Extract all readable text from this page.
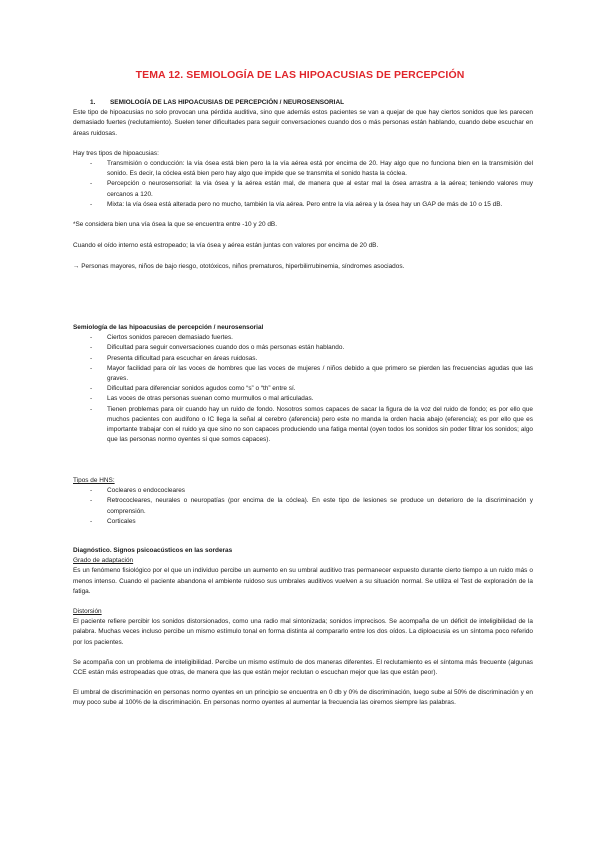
TEMA 12. SEMIOLOGÍA DE LAS HIPOACUSIAS DE PERCEPCIÓN
1. SEMIOLOGÍA DE LAS HIPOACUSIAS DE PERCEPCIÓN / NEUROSENSORIAL

Este tipo de hipoacusias no solo provocan una pérdida auditiva, sino que además estos pacientes se van a quejar de que hay ciertos sonidos que les parecen demasiado fuertes (reclutamiento). Suelen tener dificultades para seguir conversaciones cuando dos o más personas están hablando, cuando debe escuchar en áreas ruidosas.

Hay tres tipos de hipoacusias:

- Transmisión o conducción: la vía ósea está bien pero la la vía aérea está por encima de 20. Hay algo que no funciona bien en la transmisión del sonido. Es decir, la cóclea está bien pero hay algo que impide que se transmita el sonido hasta la cóclea.
- Percepción o neurosensorial: la vía ósea y la aérea están mal, de manera que al estar mal la ósea arrastra a la aérea; teniendo valores muy cercanos a 120.
- Mixta: la vía ósea está alterada pero no mucho, también la vía aérea. Pero entre la vía aérea y la ósea hay un GAP de más de 10 o 15 dB.

*Se considera bien una vía ósea la que se encuentra entre -10 y 20 dB.

Cuando el oído interno está estropeado; la vía ósea y aérea están juntas con valores por encima de 20 dB.

→ Personas mayores, niños de bajo riesgo, ototóxicos, niños prematuros, hiperbilirrubinemia, síndromes asociados.

Semiología de las hipoacusias de percepción / neurosensorial
- Ciertos sonidos parecen demasiado fuertes.
- Dificultad para seguir conversaciones cuando dos o más personas están hablando.
- Presenta dificultad para escuchar en áreas ruidosas.
- Mayor facilidad para oír las voces de hombres que las voces de mujeres / niños debido a que primero se pierden las frecuencias agudas que las graves.
- Dificultad para diferenciar sonidos agudos como “s” o “th” entre sí.
- Las voces de otras personas suenan como murmullos o mal articuladas.
- Tienen problemas para oír cuando hay un ruido de fondo. Nosotros somos capaces de sacar la figura de la voz del ruido de fondo; es por ello que muchos pacientes con audífono o IC llega la señal al cerebro (aferencia) pero este no manda la orden hacia abajo (eferencia); es por ello que es importante trabajar con el ruido ya que sino no son capaces produciendo una fatiga mental (oyen todos los sonidos sin poder filtrar los sonidos; algo que las personas normo oyentes sí que somos capaces).
Tipos de HNS:
- Cocleares o endococleares
- Retrococleares, neurales o neuropatías (por encima de la cóclea). En este tipo de lesiones se produce un deterioro de la discriminación y comprensión.
- Corticales
Diagnóstico. Signos psicoacústicos en las sorderas
Grado de adaptación

Es un fenómeno fisiológico por el que un individuo percibe un aumento en su umbral auditivo tras permanecer expuesto durante cierto tiempo a un ruido más o menos intenso. Cuando el paciente abandona el ambiente ruidoso sus umbrales auditivos vuelven a su situación normal. Se utiliza el Test de exploración de la fatiga.

Distorsión

El paciente refiere percibir los sonidos distorsionados, como una radio mal sintonizada; sonidos imprecisos. Se acompaña de un déficit de inteligibilidad de la palabra. Muchas veces incluso percibe un mismo estímulo tonal en forma distinta al compararlo entre los dos oídos. La diploacusia es un síntoma poco referido por los pacientes.

Se acompaña con un problema de inteligibilidad. Percibe un mismo estímulo de dos maneras diferentes. El reclutamiento es el síntoma más frecuente (algunas CCE están más estropeadas que otras, de manera que las que están mejor reclutan o escuchan mejor que las que están peor).

El umbral de discriminación en personas normo oyentes en un principio se encuentra en 0 db y 0% de discriminación, luego sube al 50% de discriminación y en muy poco sube al 100% de la discriminación. En personas normo oyentes al aumentar la frecuencia las oiremos siempre las palabras.
